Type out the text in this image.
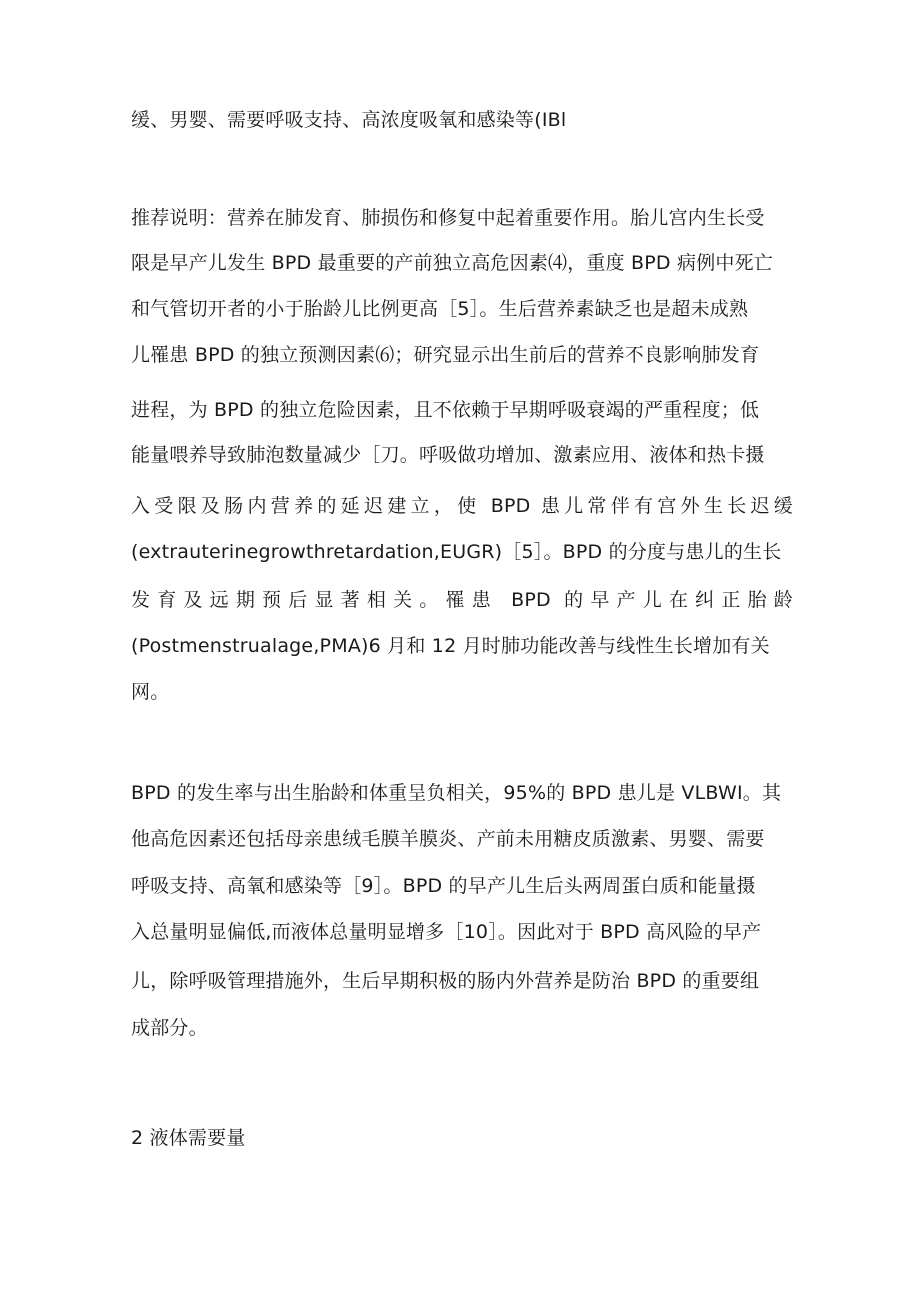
缓、男婴、需要呼吸支持、高浓度吸氧和感染等(IBl
推荐说明：营养在肺发育、肺损伤和修复中起着重要作用。胎儿宫内生长受
限是早产儿发生 BPD 最重要的产前独立高危因素⑷，重度 BPD 病例中死亡
和气管切开者的小于胎龄儿比例更高［5］。生后营养素缺乏也是超未成熟
儿罹患 BPD 的独立预测因素⑹；研究显示出生前后的营养不良影响肺发育
进程，为 BPD 的独立危险因素，且不依赖于早期呼吸衰竭的严重程度；低
能量喂养导致肺泡数量减少［刀。呼吸做功增加、激素应用、液体和热卡摄
入受限及肠内营养的延迟建立，使 BPD 患儿常伴有宫外生长迟缓
(extrauterinegrowthretardation,EUGR)［5］。BPD 的分度与患儿的生长
发育及远期预后显著相关。罹患 BPD 的早产儿在纠正胎龄
(Postmenstrualage,PMA)6 月和 12 月时肺功能改善与线性生长增加有关
网。
BPD 的发生率与出生胎龄和体重呈负相关，95%的 BPD 患儿是 VLBWI。其
他高危因素还包括母亲患绒毛膜羊膜炎、产前未用糖皮质激素、男婴、需要
呼吸支持、高氧和感染等［9］。BPD 的早产儿生后头两周蛋白质和能量摄
入总量明显偏低,而液体总量明显增多［10］。因此对于 BPD 高风险的早产
儿，除呼吸管理措施外，生后早期积极的肠内外营养是防治 BPD 的重要组
成部分。
2 液体需要量
